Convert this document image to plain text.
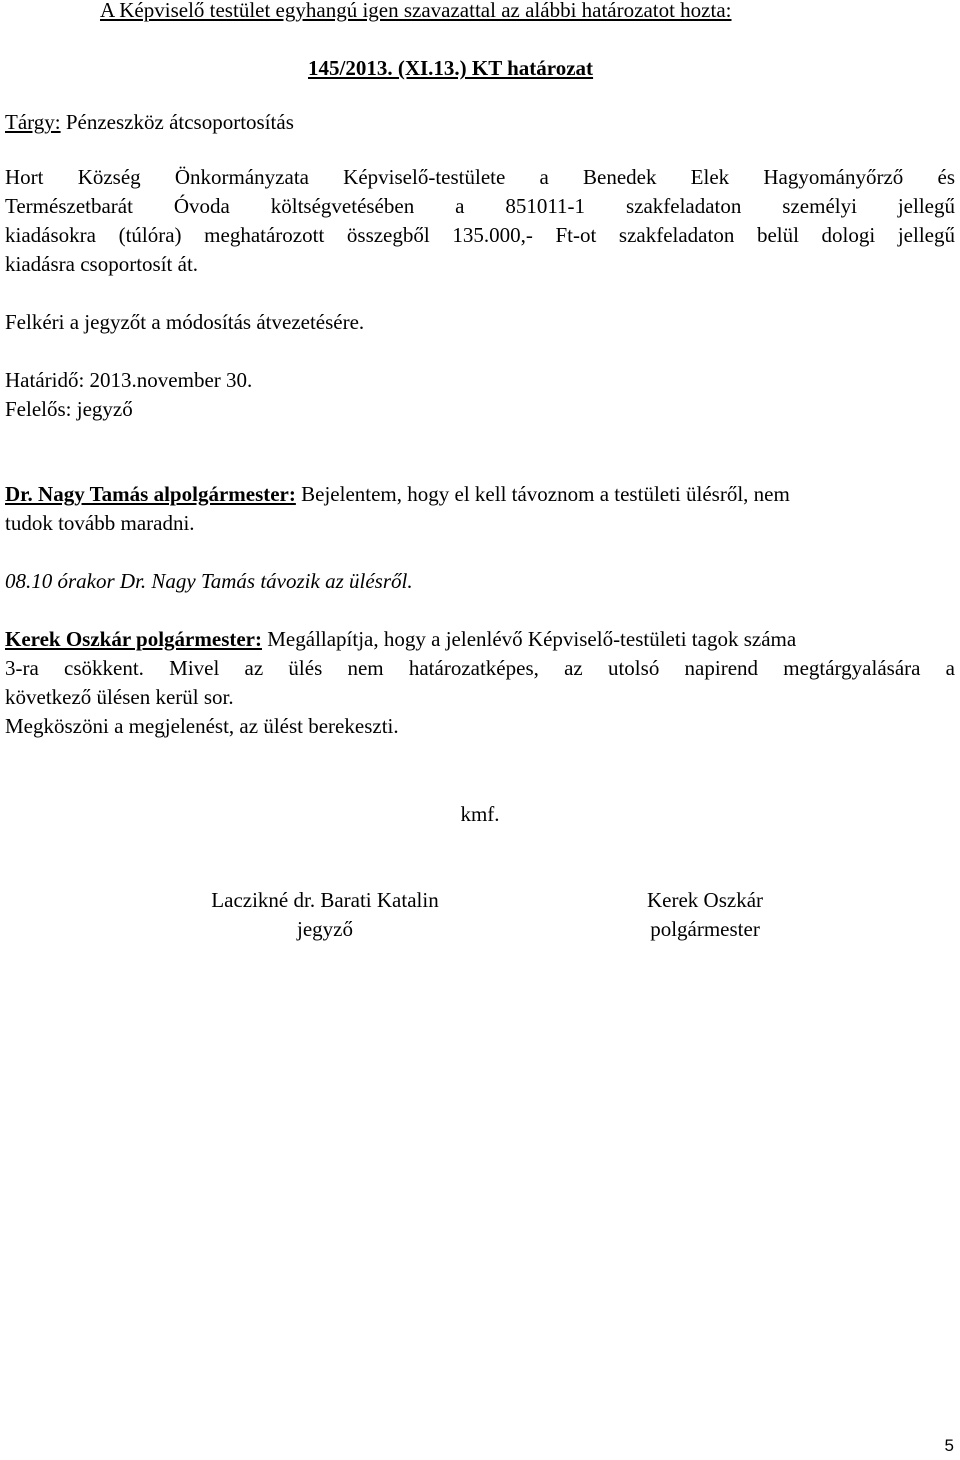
A Képviselő testület egyhangú igen szavazattal az alábbi határozatot hozta:

145/2013. (XI.13.) KT határozat

Tárgy: Pénzeszköz átcsoportosítás

Hort Község Önkormányzata Képviselő-testülete a Benedek Elek Hagyományőrző és

Természetbarát Óvoda költségvetésében a 851011-1 szakfeladaton személyi jellegű

kiadásokra (túlóra) meghatározott összegből 135.000,- Ft-ot szakfeladaton belül dologi jellegű

kiadásra csoportosít át.

Felkéri a jegyzőt a módosítás átvezetésére.

Határidő: 2013.november 30.

Felelős: jegyző

Dr. Nagy Tamás alpolgármester: Bejelentem, hogy el kell távoznom a testületi ülésről, nem

tudok tovább maradni.

08.10 órakor Dr. Nagy Tamás távozik az ülésről.

Kerek Oszkár polgármester: Megállapítja, hogy a jelenlévő Képviselő-testületi tagok száma

3-ra csökkent. Mivel az ülés nem határozatképes, az utolsó napirend megtárgyalására a

következő ülésen kerül sor.

Megköszöni a megjelenést, az ülést berekeszti.

kmf.
Laczikné dr. Barati Katalin
jegyző
Kerek Oszkár
polgármester
5
